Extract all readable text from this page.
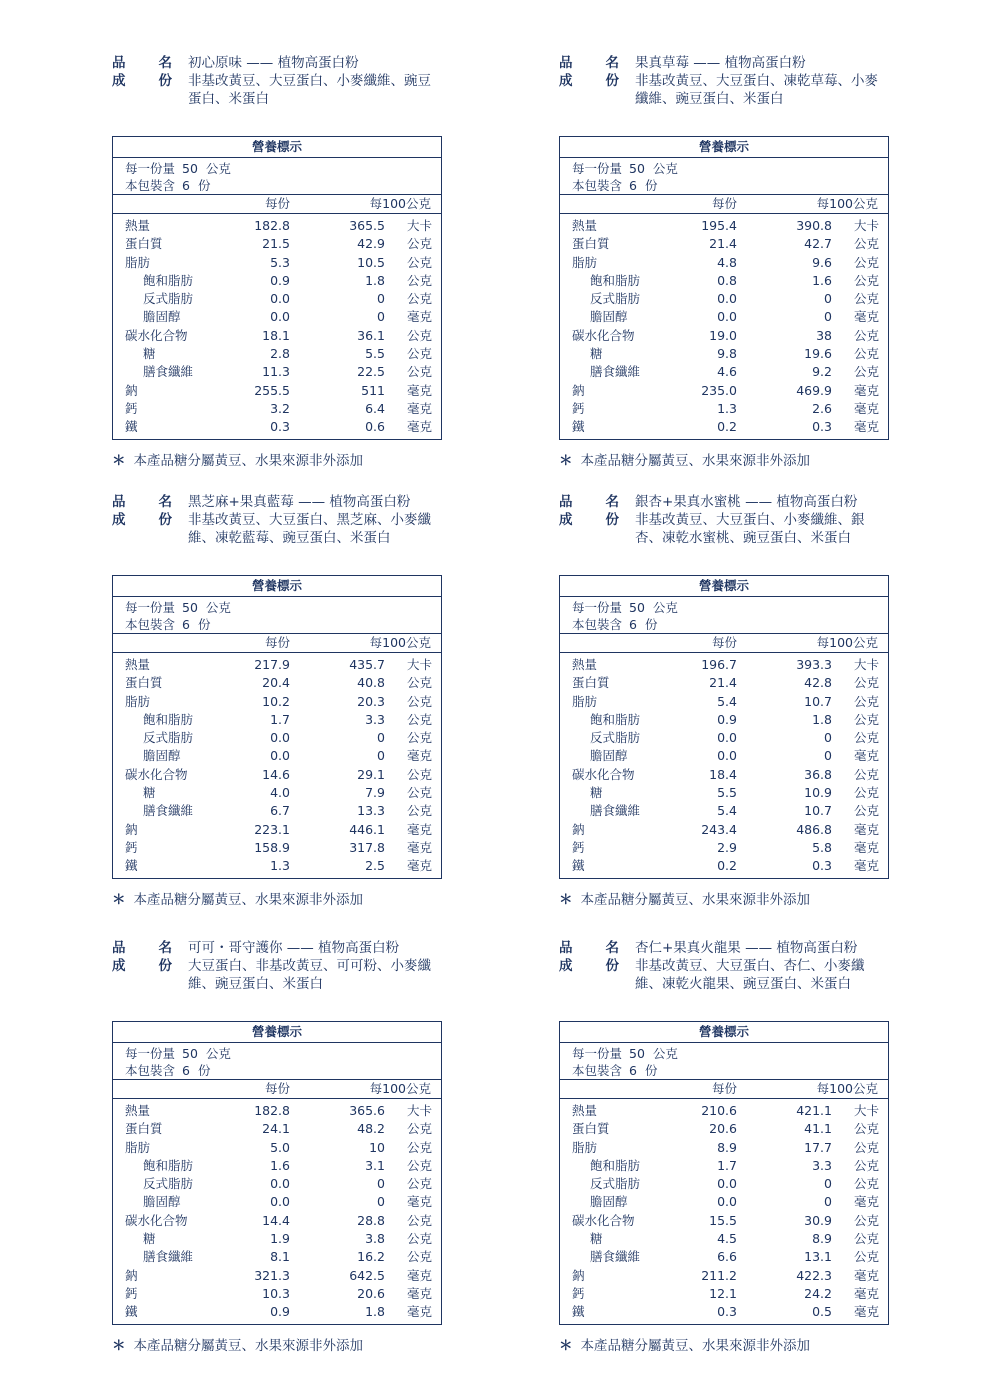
品 名 初心原味 —— 植物高蛋白粉
成 份 非基改黃豆、大豆蛋白、小麥纖維、豌豆
蛋白、米蛋白
營養標示
每一份量 50 公克
本包裝含 6 份
每份	每100公克
熱量	182.8	365.5 大卡
蛋白質	21.5	42.9 公克
脂肪	5.3	10.5 公克
飽和脂肪	0.9	1.8 公克
反式脂肪	0.0	0 公克
膽固醇	0.0	0 毫克
碳水化合物	18.1	36.1 公克
糖	2.8	5.5 公克
膳食纖維	11.3	22.5 公克
鈉	255.5	511 毫克
鈣	3.2	6.4 毫克
鐵	0.3	0.6 毫克
＊ 本產品糖分屬黃豆、水果來源非外添加
品 名 果真草莓 —— 植物高蛋白粉
成 份 非基改黃豆、大豆蛋白、凍乾草莓、小麥
纖維、豌豆蛋白、米蛋白
營養標示
每一份量 50 公克
本包裝含 6 份
每份	每100公克
熱量	195.4	390.8 大卡
蛋白質	21.4	42.7 公克
脂肪	4.8	9.6 公克
飽和脂肪	0.8	1.6 公克
反式脂肪	0.0	0 公克
膽固醇	0.0	0 毫克
碳水化合物	19.0	38 公克
糖	9.8	19.6 公克
膳食纖維	4.6	9.2 公克
鈉	235.0	469.9 毫克
鈣	1.3	2.6 毫克
鐵	0.2	0.3 毫克
＊ 本產品糖分屬黃豆、水果來源非外添加
品 名 黑芝麻+果真藍莓 —— 植物高蛋白粉
成 份 非基改黃豆、大豆蛋白、黑芝麻、小麥纖
維、凍乾藍莓、豌豆蛋白、米蛋白
營養標示
每一份量 50 公克
本包裝含 6 份
每份	每100公克
熱量	217.9	435.7 大卡
蛋白質	20.4	40.8 公克
脂肪	10.2	20.3 公克
飽和脂肪	1.7	3.3 公克
反式脂肪	0.0	0 公克
膽固醇	0.0	0 毫克
碳水化合物	14.6	29.1 公克
糖	4.0	7.9 公克
膳食纖維	6.7	13.3 公克
鈉	223.1	446.1 毫克
鈣	158.9	317.8 毫克
鐵	1.3	2.5 毫克
＊ 本產品糖分屬黃豆、水果來源非外添加
品 名 銀杏+果真水蜜桃 —— 植物高蛋白粉
成 份 非基改黃豆、大豆蛋白、小麥纖維、銀
杏、凍乾水蜜桃、豌豆蛋白、米蛋白
營養標示
每一份量 50 公克
本包裝含 6 份
每份	每100公克
熱量	196.7	393.3 大卡
蛋白質	21.4	42.8 公克
脂肪	5.4	10.7 公克
飽和脂肪	0.9	1.8 公克
反式脂肪	0.0	0 公克
膽固醇	0.0	0 毫克
碳水化合物	18.4	36.8 公克
糖	5.5	10.9 公克
膳食纖維	5.4	10.7 公克
鈉	243.4	486.8 毫克
鈣	2.9	5.8 毫克
鐵	0.2	0.3 毫克
＊ 本產品糖分屬黃豆、水果來源非外添加
品 名 可可・哥守護你 —— 植物高蛋白粉
成 份 大豆蛋白、非基改黃豆、可可粉、小麥纖
維、豌豆蛋白、米蛋白
營養標示
每一份量 50 公克
本包裝含 6 份
每份	每100公克
熱量	182.8	365.6 大卡
蛋白質	24.1	48.2 公克
脂肪	5.0	10 公克
飽和脂肪	1.6	3.1 公克
反式脂肪	0.0	0 公克
膽固醇	0.0	0 毫克
碳水化合物	14.4	28.8 公克
糖	1.9	3.8 公克
膳食纖維	8.1	16.2 公克
鈉	321.3	642.5 毫克
鈣	10.3	20.6 毫克
鐵	0.9	1.8 毫克
＊ 本產品糖分屬黃豆、水果來源非外添加
品 名 杏仁+果真火龍果 —— 植物高蛋白粉
成 份 非基改黃豆、大豆蛋白、杏仁、小麥纖
維、凍乾火龍果、豌豆蛋白、米蛋白
營養標示
每一份量 50 公克
本包裝含 6 份
每份	每100公克
熱量	210.6	421.1 大卡
蛋白質	20.6	41.1 公克
脂肪	8.9	17.7 公克
飽和脂肪	1.7	3.3 公克
反式脂肪	0.0	0 公克
膽固醇	0.0	0 毫克
碳水化合物	15.5	30.9 公克
糖	4.5	8.9 公克
膳食纖維	6.6	13.1 公克
鈉	211.2	422.3 毫克
鈣	12.1	24.2 毫克
鐵	0.3	0.5 毫克
＊ 本產品糖分屬黃豆、水果來源非外添加
